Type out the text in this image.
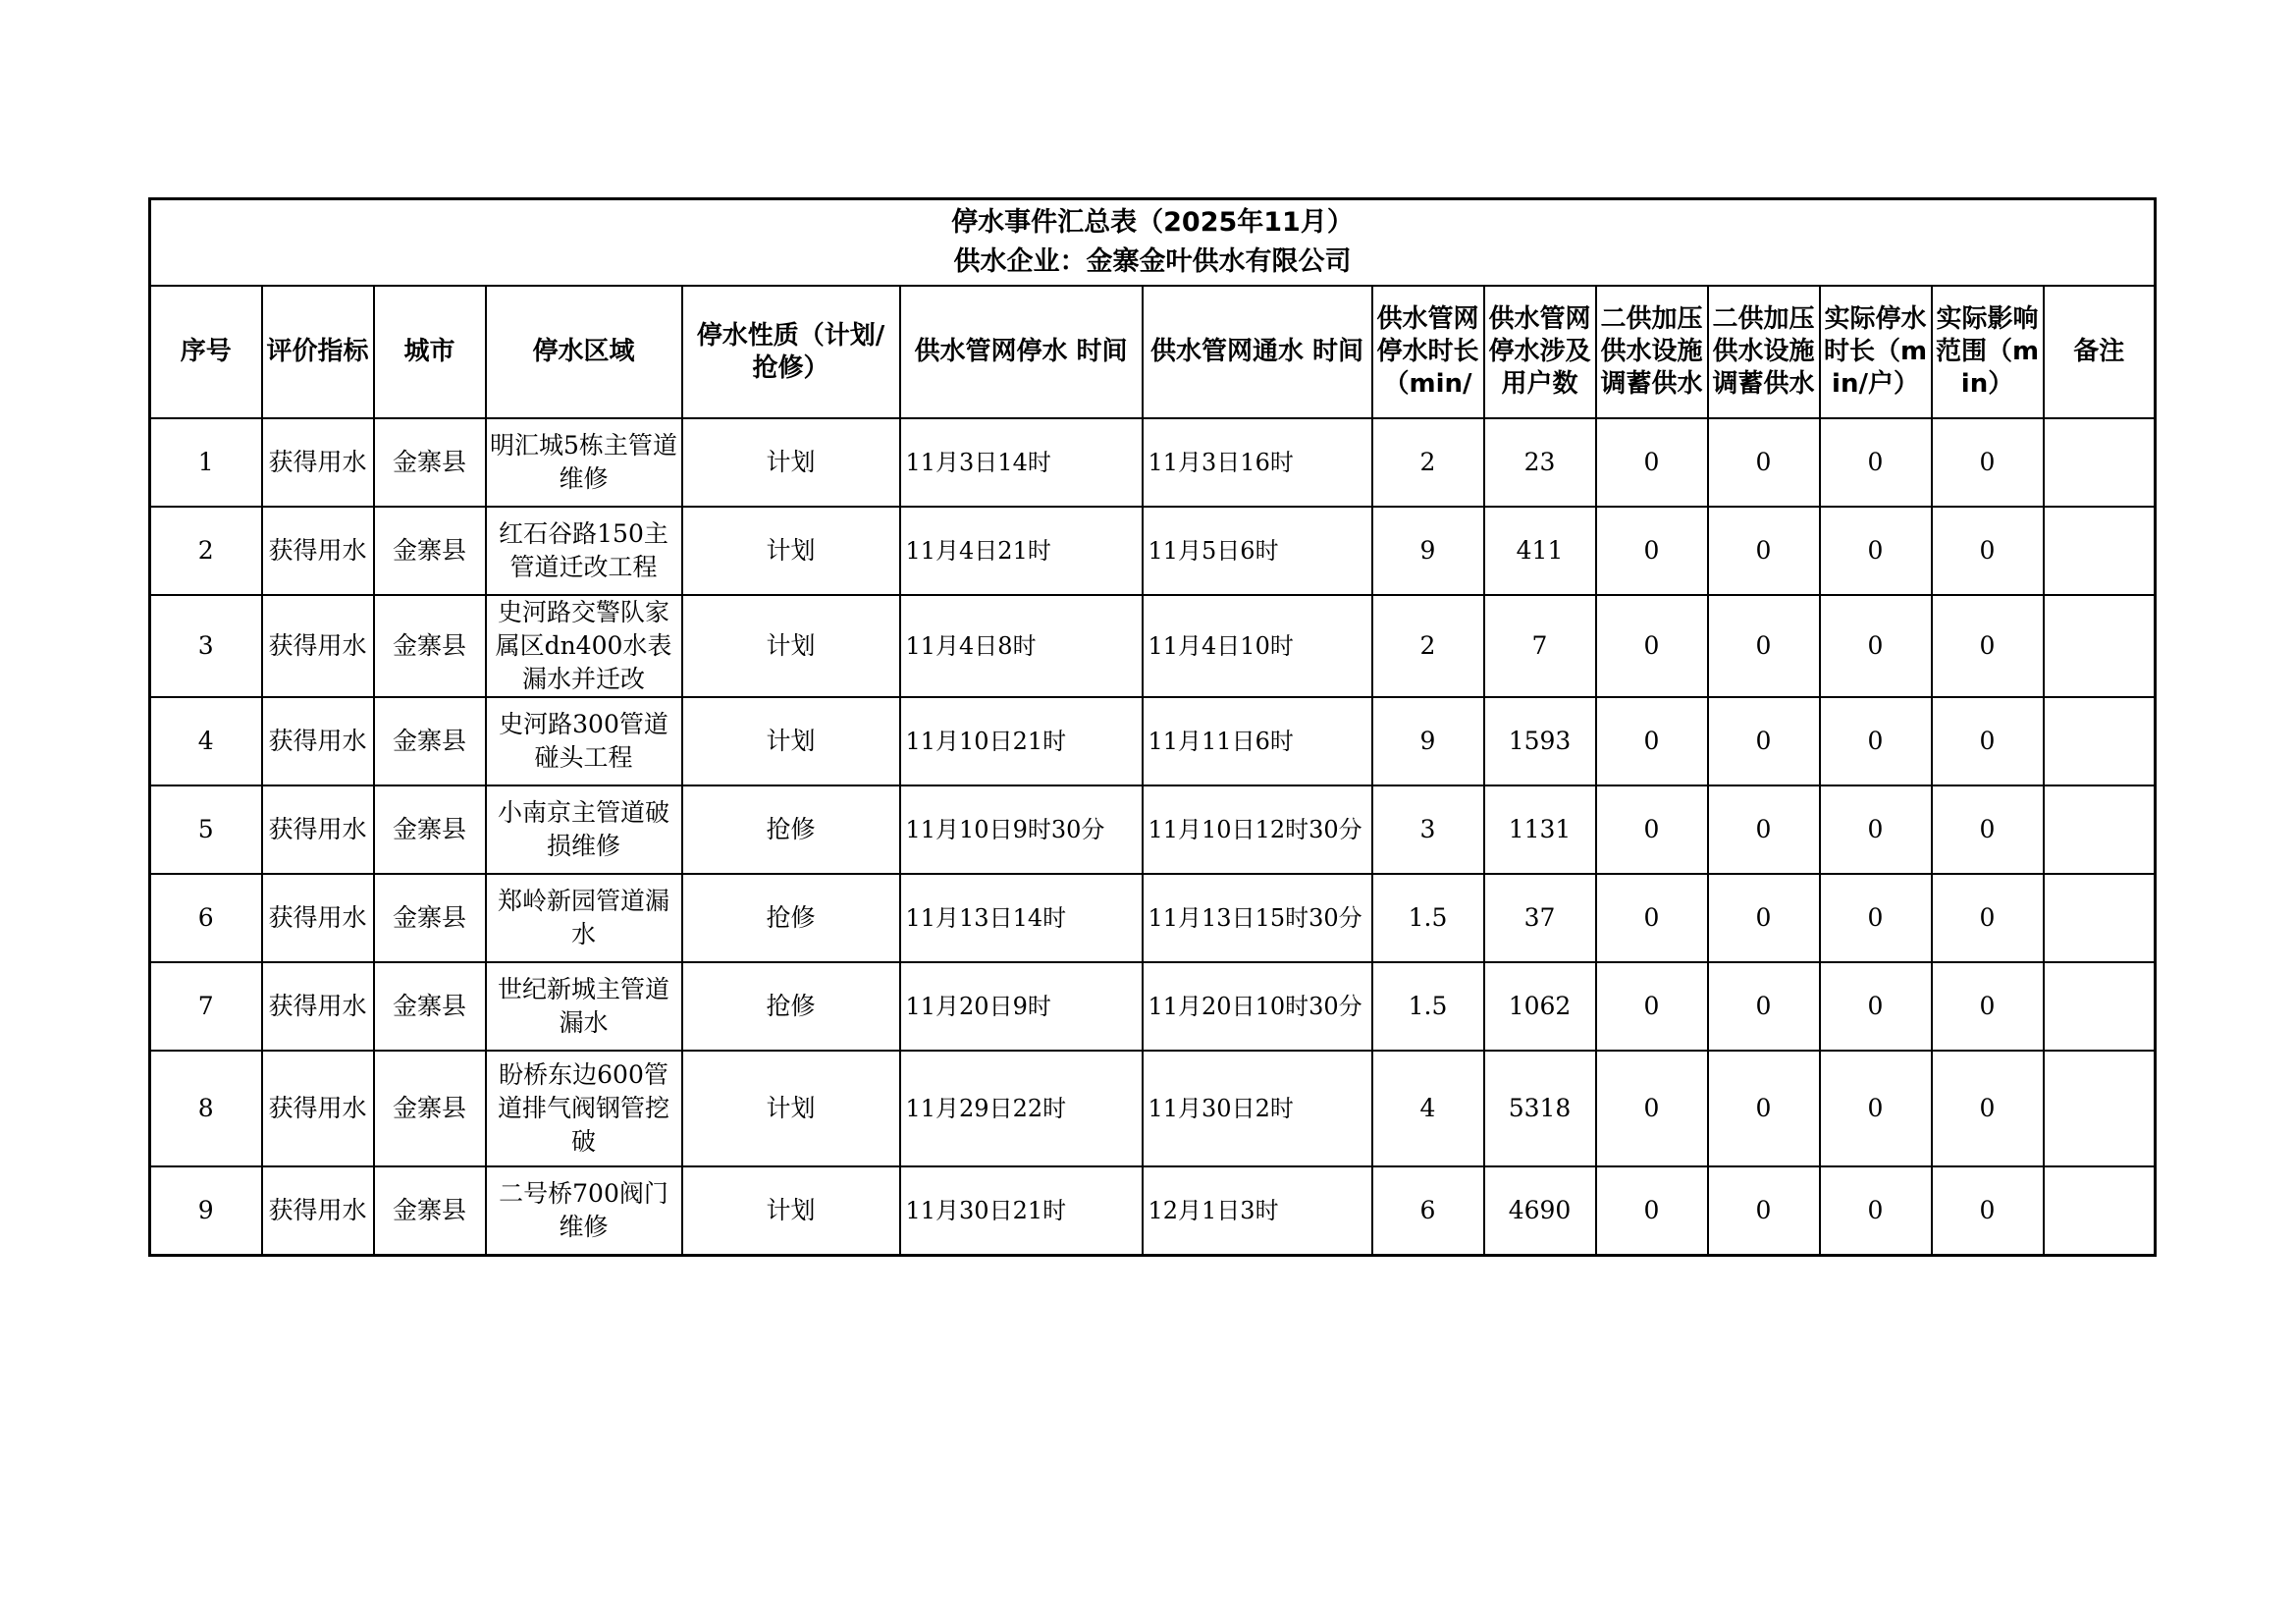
停水事件汇总表（2025年11月）
供水企业：金寨金叶供水有限公司													

序号	评价指标	城市	停水区域	停水性质（计划/抢修）	供水管网停水 时间	供水管网通水 时间	供水管网停水时长（min/	供水管网停水涉及用户数	二供加压供水设施调蓄供水	二供加压供水设施调蓄供水	实际停水时长（min/户）	实际影响范围（min）	备注
1	获得用水	金寨县	明汇城5栋主管道维修	计划	11月3日14时	11月3日16时	2	23	0	0	0	0	
2	获得用水	金寨县	红石谷路150主管道迁改工程	计划	11月4日21时	11月5日6时	9	411	0	0	0	0	
3	获得用水	金寨县	史河路交警队家属区dn400水表漏水并迁改	计划	11月4日8时	11月4日10时	2	7	0	0	0	0	
4	获得用水	金寨县	史河路300管道碰头工程	计划	11月10日21时	11月11日6时	9	1593	0	0	0	0	
5	获得用水	金寨县	小南京主管道破损维修	抢修	11月10日9时30分	11月10日12时30分	3	1131	0	0	0	0	
6	获得用水	金寨县	郑岭新园管道漏水	抢修	11月13日14时	11月13日15时30分	1.5	37	0	0	0	0	
7	获得用水	金寨县	世纪新城主管道漏水	抢修	11月20日9时	11月20日10时30分	1.5	1062	0	0	0	0	
8	获得用水	金寨县	盼桥东边600管道排气阀钢管挖破	计划	11月29日22时	11月30日2时	4	5318	0	0	0	0	
9	获得用水	金寨县	二号桥700阀门维修	计划	11月30日21时	12月1日3时	6	4690	0	0	0	0	
